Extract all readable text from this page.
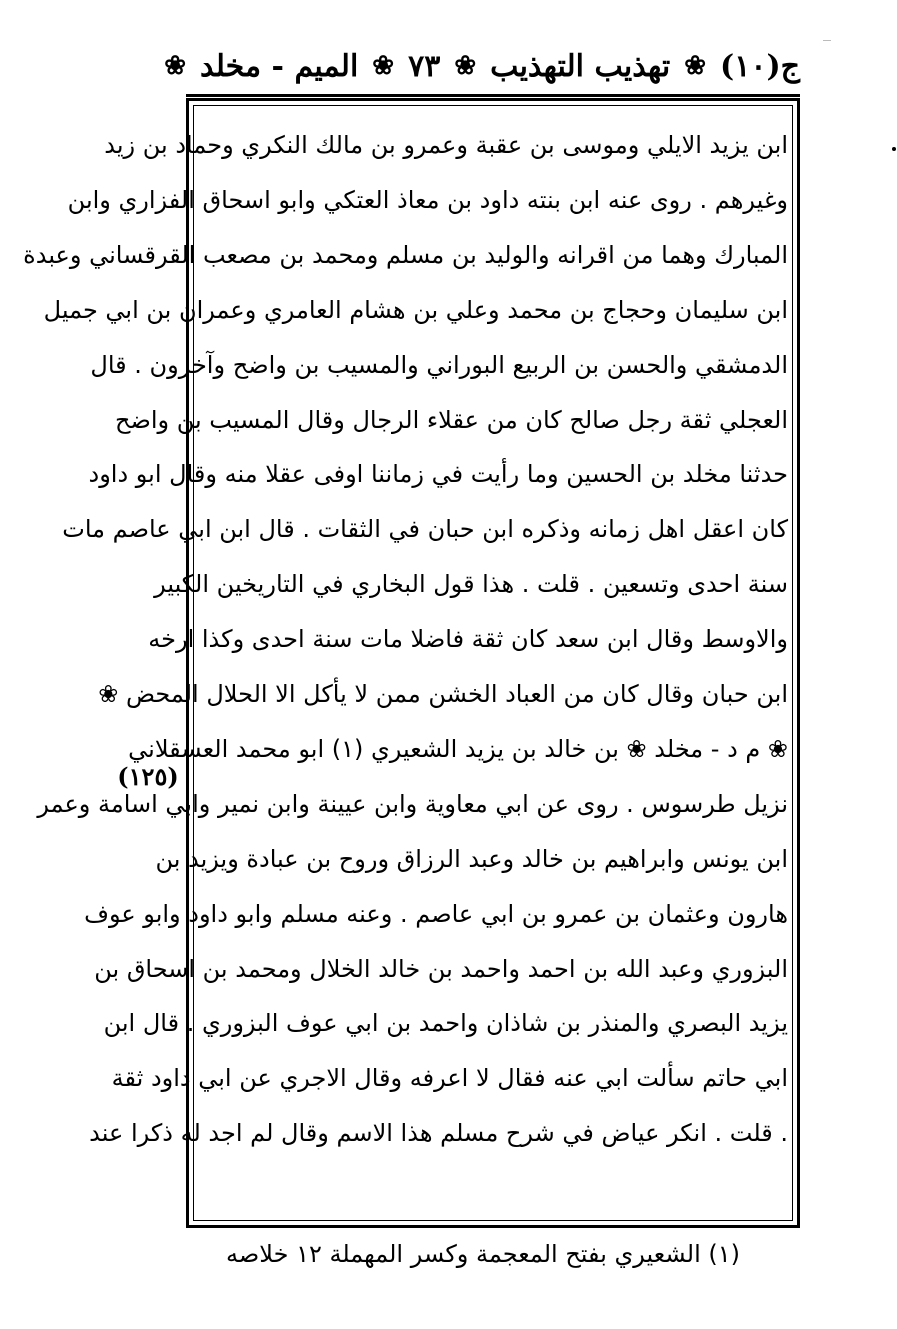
ج(١٠)
❀
تهذيب التهذيب
❀
٧٣
❀
الميم - مخلد
❀
ابن يزيد الايلي وموسى بن عقبة وعمرو بن مالك النكري وحماد بن زيد
وغيرهم . روى عنه ابن بنته داود بن معاذ العتكي وابو اسحاق الفزاري وابن
المبارك وهما من اقرانه والوليد بن مسلم ومحمد بن مصعب القرقساني وعبدة
ابن سليمان وحجاج بن محمد وعلي بن هشام العامري وعمران بن ابي جميل
الدمشقي والحسن بن الربيع البوراني والمسيب بن واضح وآخرون . قال
العجلي ثقة رجل صالح كان من عقلاء الرجال وقال المسيب بن واضح
حدثنا مخلد بن الحسين وما رأيت في زماننا اوفى عقلا منه وقال ابو داود
كان اعقل اهل زمانه وذكره ابن حبان في الثقات . قال ابن ابي عاصم مات
سنة احدى وتسعين . قلت . هذا قول البخاري في التاريخين الكبير
والاوسط وقال ابن سعد كان ثقة فاضلا مات سنة احدى وكذا ارخه
ابن حبان وقال كان من العباد الخشن ممن لا يأكل الا الحلال المحض ❀
❀ م د - مخلد ❀ بن خالد بن يزيد الشعيري (١) ابو محمد العسقلاني
نزيل طرسوس . روى عن ابي معاوية وابن عيينة وابن نمير وابي اسامة وعمر
ابن يونس وابراهيم بن خالد وعبد الرزاق وروح بن عبادة ويزيد بن
هارون وعثمان بن عمرو بن ابي عاصم . وعنه مسلم وابو داود وابو عوف
البزوري وعبد الله بن احمد واحمد بن خالد الخلال ومحمد بن اسحاق بن
يزيد البصري والمنذر بن شاذان واحمد بن ابي عوف البزوري . قال ابن
ابي حاتم سألت ابي عنه فقال لا اعرفه وقال الاجري عن ابي داود ثقة
. قلت . انكر عياض في شرح مسلم هذا الاسم وقال لم اجد له ذكرا عند
(١٢٥)
(١) الشعيري بفتح المعجمة وكسر المهملة ١٢ خلاصه
